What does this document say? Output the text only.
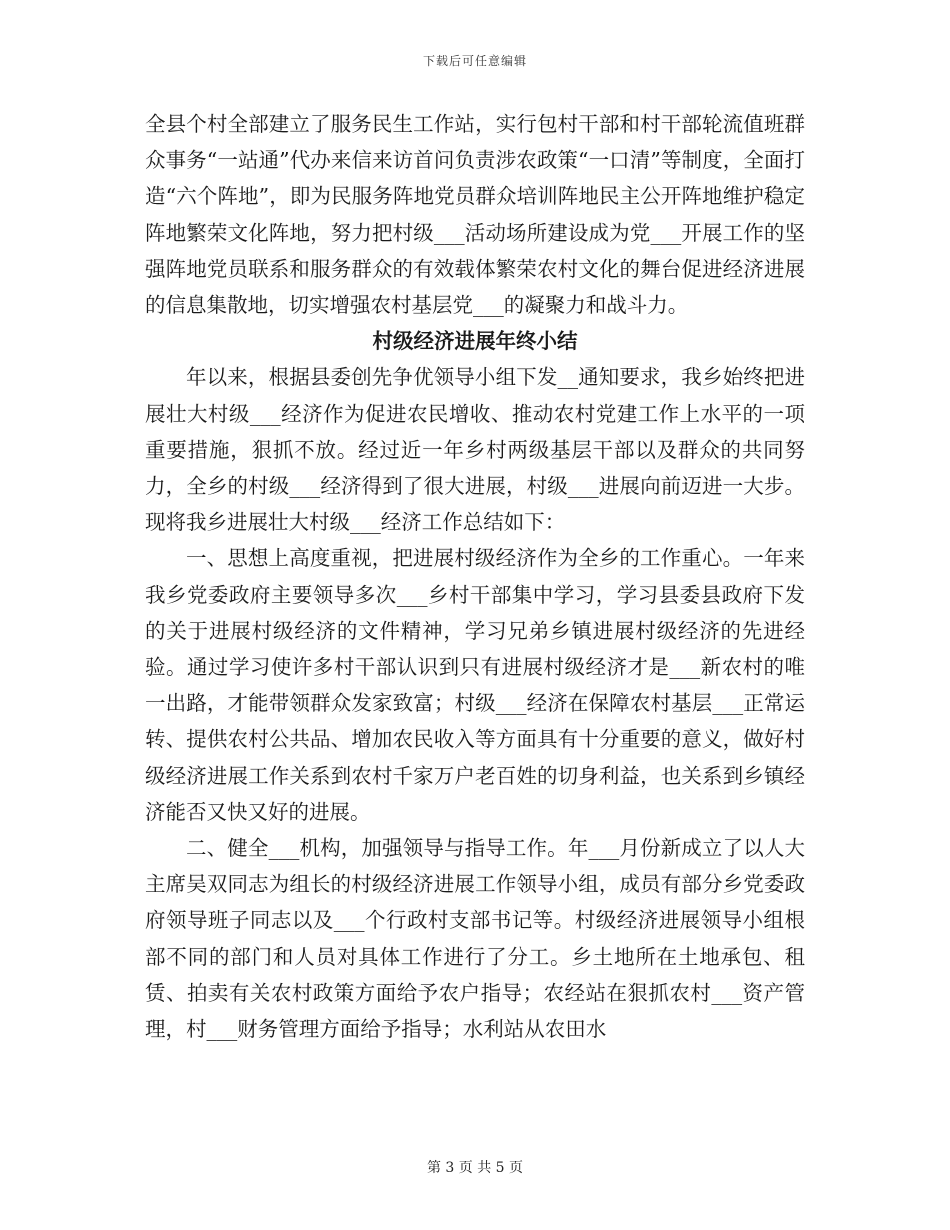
下载后可任意编辑

全县个村全部建立了服务民生工作站，实行包村干部和村干部轮流值班群众事务“一站通”代办来信来访首问负责涉农政策“一口清”等制度，全面打造“六个阵地”，即为民服务阵地党员群众培训阵地民主公开阵地维护稳定阵地繁荣文化阵地，努力把村级___活动场所建设成为党___开展工作的坚强阵地党员联系和服务群众的有效载体繁荣农村文化的舞台促进经济进展的信息集散地，切实增强农村基层党___的凝聚力和战斗力。

村级经济进展年终小结

年以来，根据县委创先争优领导小组下发__通知要求，我乡始终把进展壮大村级___经济作为促进农民增收、推动农村党建工作上水平的一项重要措施，狠抓不放。经过近一年乡村两级基层干部以及群众的共同努力，全乡的村级___经济得到了很大进展，村级___进展向前迈进一大步。现将我乡进展壮大村级___经济工作总结如下：

一、思想上高度重视，把进展村级经济作为全乡的工作重心。一年来我乡党委政府主要领导多次___乡村干部集中学习，学习县委县政府下发的关于进展村级经济的文件精神，学习兄弟乡镇进展村级经济的先进经验。通过学习使许多村干部认识到只有进展村级经济才是___新农村的唯一出路，才能带领群众发家致富；村级___经济在保障农村基层___正常运转、提供农村公共品、增加农民收入等方面具有十分重要的意义，做好村级经济进展工作关系到农村千家万户老百姓的切身利益，也关系到乡镇经济能否又快又好的进展。

二、健全___机构，加强领导与指导工作。年___月份新成立了以人大主席吴双同志为组长的村级经济进展工作领导小组，成员有部分乡党委政府领导班子同志以及___个行政村支部书记等。村级经济进展领导小组根部不同的部门和人员对具体工作进行了分工。乡土地所在土地承包、租赁、拍卖有关农村政策方面给予农户指导；农经站在狠抓农村___资产管理，村___财务管理方面给予指导；水利站从农田水

第 3 页 共 5 页
